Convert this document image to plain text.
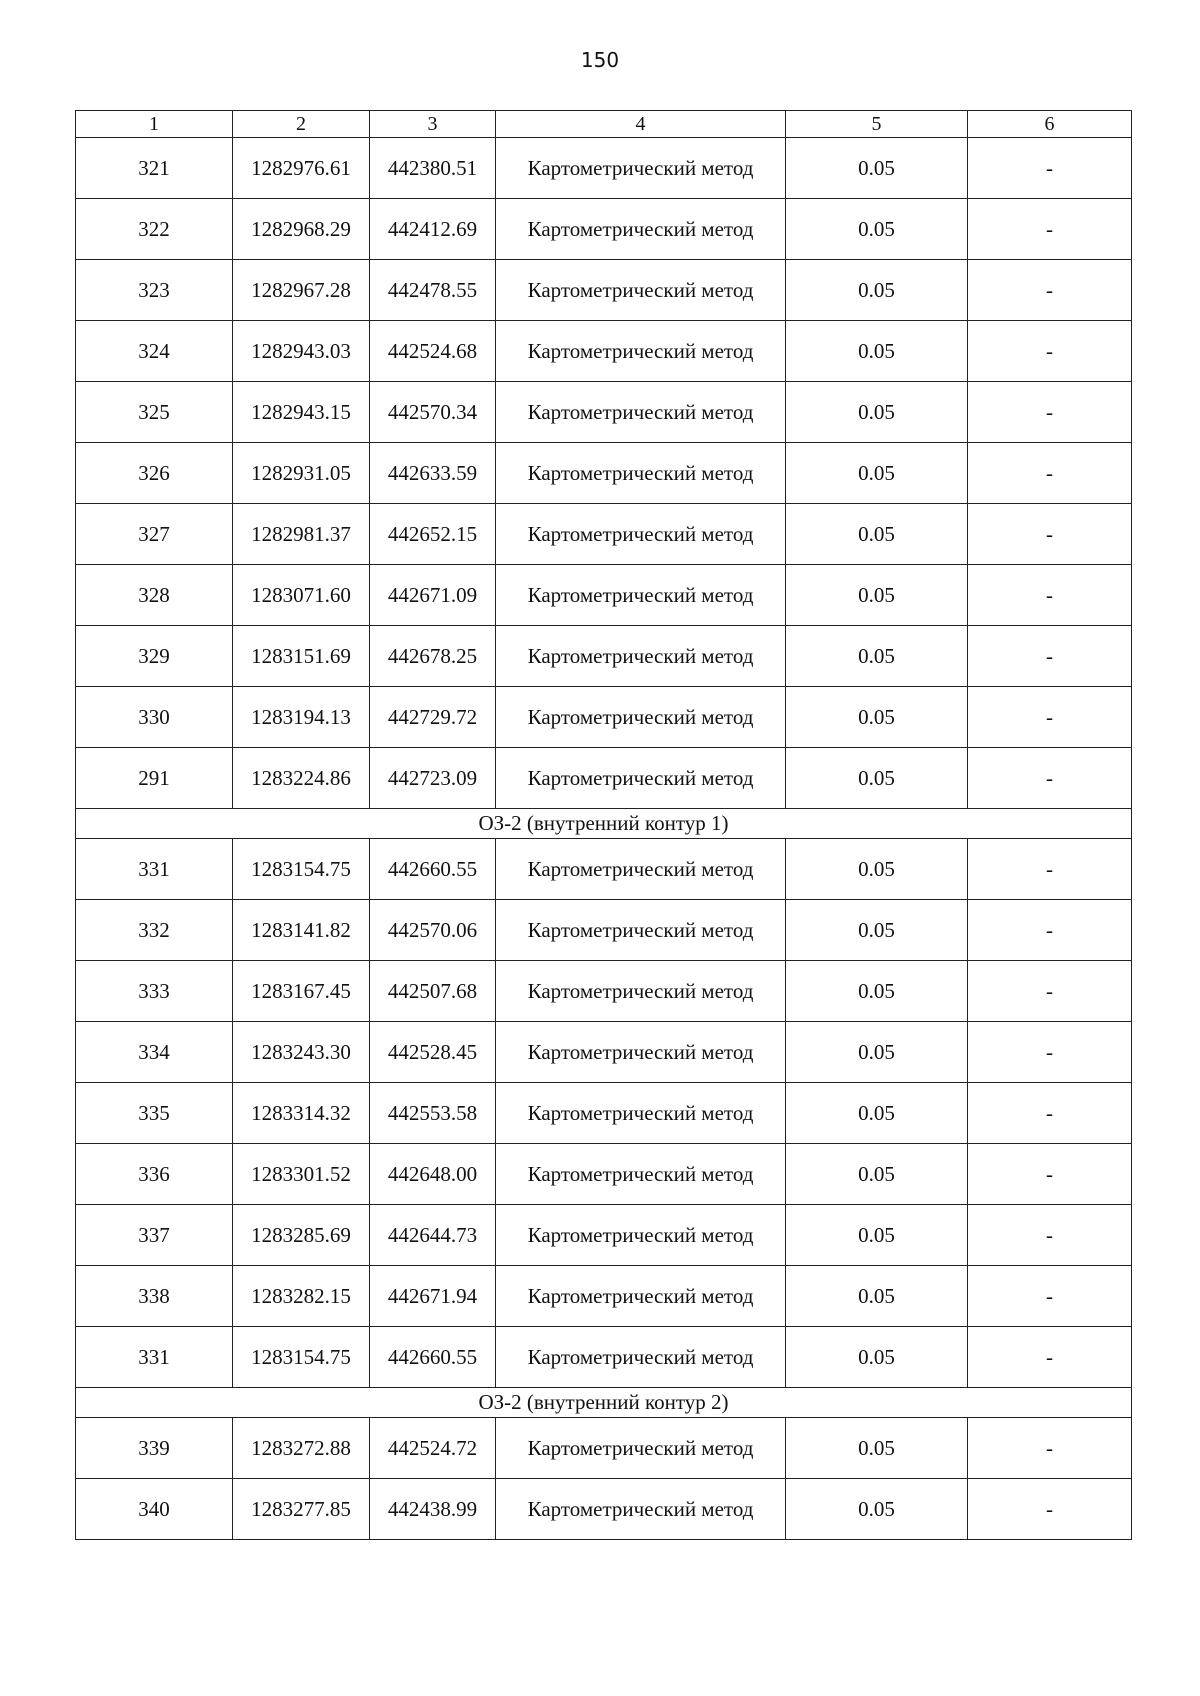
150
1	2	3	4	5	6
321	1282976.61	442380.51	Картометрический метод	0.05	-
322	1282968.29	442412.69	Картометрический метод	0.05	-
323	1282967.28	442478.55	Картометрический метод	0.05	-
324	1282943.03	442524.68	Картометрический метод	0.05	-
325	1282943.15	442570.34	Картометрический метод	0.05	-
326	1282931.05	442633.59	Картометрический метод	0.05	-
327	1282981.37	442652.15	Картометрический метод	0.05	-
328	1283071.60	442671.09	Картометрический метод	0.05	-
329	1283151.69	442678.25	Картометрический метод	0.05	-
330	1283194.13	442729.72	Картометрический метод	0.05	-
291	1283224.86	442723.09	Картометрический метод	0.05	-
ОЗ-2 (внутренний контур 1)					
331	1283154.75	442660.55	Картометрический метод	0.05	-
332	1283141.82	442570.06	Картометрический метод	0.05	-
333	1283167.45	442507.68	Картометрический метод	0.05	-
334	1283243.30	442528.45	Картометрический метод	0.05	-
335	1283314.32	442553.58	Картометрический метод	0.05	-
336	1283301.52	442648.00	Картометрический метод	0.05	-
337	1283285.69	442644.73	Картометрический метод	0.05	-
338	1283282.15	442671.94	Картометрический метод	0.05	-
331	1283154.75	442660.55	Картометрический метод	0.05	-
ОЗ-2 (внутренний контур 2)					
339	1283272.88	442524.72	Картометрический метод	0.05	-
340	1283277.85	442438.99	Картометрический метод	0.05	-
